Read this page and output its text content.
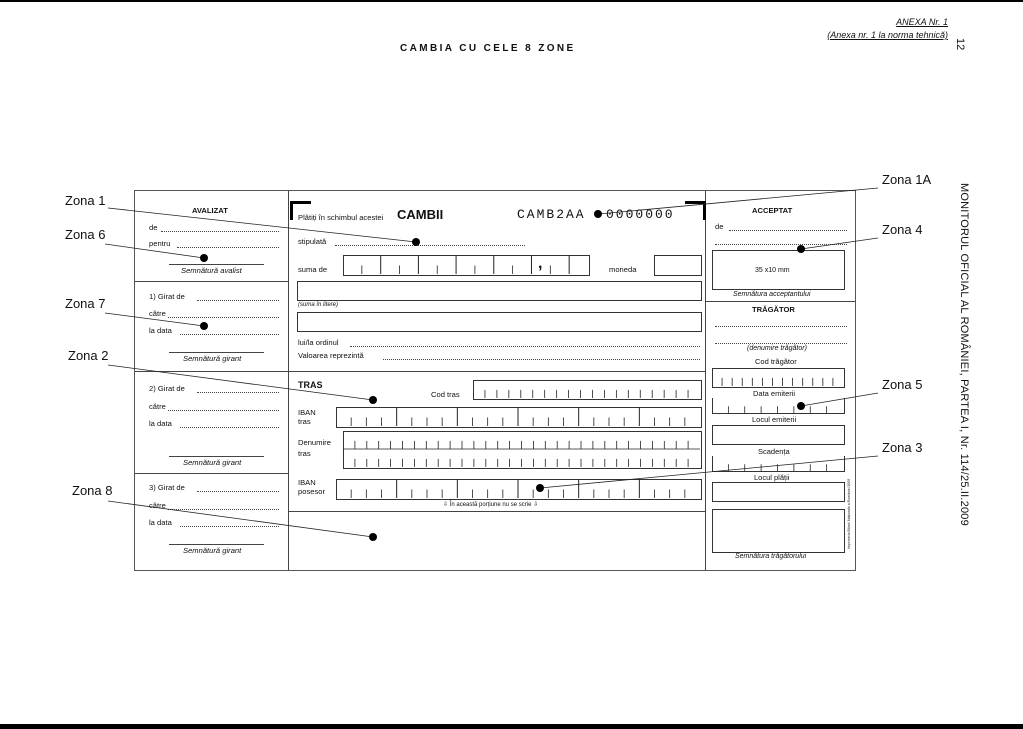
ANEXA Nr. 1
(Anexa nr. 1 la norma tehnică)
CAMBIA CU CELE 8 ZONE	12
MONITORUL OFICIAL AL ROMÂNIEI, PARTEA I, Nr. 114/25.II.2009
AVALIZAT
de
pentru
Semnătură avalist
1) Girat de
către
la data
Semnătură girant
2) Girat de
către
la data
Semnătură girant
3) Girat de
către
la data
Semnătură girant
Plătiți în schimbul acestei CAMBII	CAMB2AA 0000000
stipulată
suma de	,	moneda
(suma în litere)
lui/la ordinul
Valoarea reprezintă
TRAS
Cod tras
IBAN
tras
Denumire
tras
IBAN
posesor
⇩ În această porțiune nu se scrie ⇩
ACCEPTAT
de
35 x10 mm
Semnătura acceptantului
TRĂGĂTOR
(denumire trăgător)
Cod trăgător
Data emiterii
Locul emiterii
Scadența
Locul plății
Semnătura trăgătorului
Imprimeria Băncii Naționale a României 2009
Zona 1
Zona 6
Zona 7
Zona 2
Zona 8
Zona 1A
Zona 4
Zona 5
Zona 3
